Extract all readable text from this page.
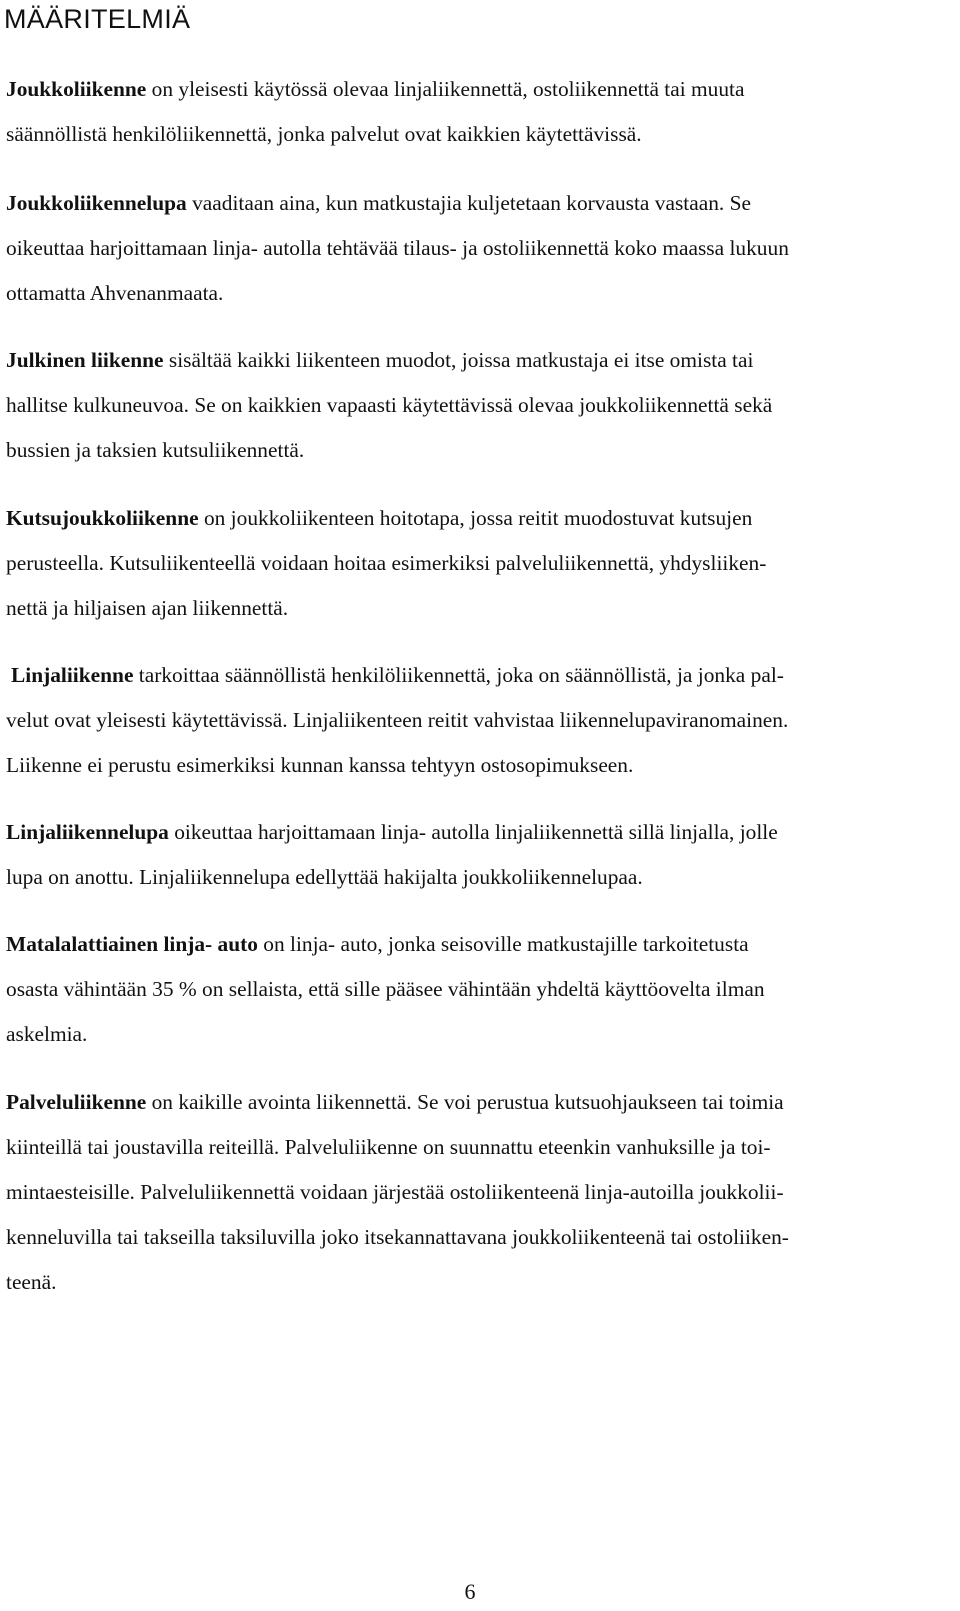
MÄÄRITELMIÄ

Joukkoliikenne on yleisesti käytössä olevaa linjaliikennettä, ostoliikennettä tai muuta
säännöllistä henkilöliikennettä, jonka palvelut ovat kaikkien käytettävissä.

Joukkoliikennelupa vaaditaan aina, kun matkustajia kuljetetaan korvausta vastaan. Se
oikeuttaa harjoittamaan linja- autolla tehtävää tilaus- ja ostoliikennettä koko maassa lukuun
ottamatta Ahvenanmaata.

Julkinen liikenne sisältää kaikki liikenteen muodot, joissa matkustaja ei itse omista tai
hallitse kulkuneuvoa. Se on kaikkien vapaasti käytettävissä olevaa joukkoliikennettä sekä
bussien ja taksien kutsuliikennettä.

Kutsujoukkoliikenne on joukkoliikenteen hoitotapa, jossa reitit muodostuvat kutsujen
perusteella. Kutsuliikenteellä voidaan hoitaa esimerkiksi palveluliikennettä, yhdysliiken-
nettä ja hiljaisen ajan liikennettä.

Linjaliikenne tarkoittaa säännöllistä henkilöliikennettä, joka on säännöllistä, ja jonka pal-
velut ovat yleisesti käytettävissä. Linjaliikenteen reitit vahvistaa liikennelupaviranomainen.
Liikenne ei perustu esimerkiksi kunnan kanssa tehtyyn ostosopimukseen.

Linjaliikennelupa oikeuttaa harjoittamaan linja- autolla linjaliikennettä sillä linjalla, jolle
lupa on anottu. Linjaliikennelupa edellyttää hakijalta joukkoliikennelupaa.

Matalalattiainen linja- auto on linja- auto, jonka seisoville matkustajille tarkoitetusta
osasta vähintään 35 % on sellaista, että sille pääsee vähintään yhdeltä käyttöovelta ilman
askelmia.

Palveluliikenne on kaikille avointa liikennettä. Se voi perustua kutsuohjaukseen tai toimia
kiinteillä tai joustavilla reiteillä. Palveluliikenne on suunnattu eteenkin vanhuksille ja toi-
mintaesteisille. Palveluliikennettä voidaan järjestää ostoliikenteenä linja-autoilla joukkolii-
kenneluvilla tai takseilla taksiluvilla joko itsekannattavana joukkoliikenteenä tai ostoliiken-
teenä.

6
